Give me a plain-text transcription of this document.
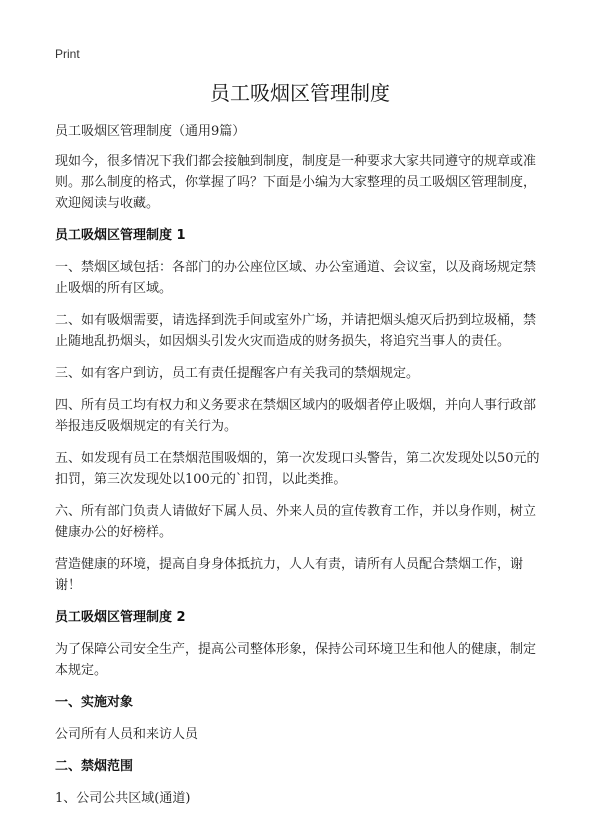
Print
员工吸烟区管理制度

员工吸烟区管理制度（通用9篇）

现如今，很多情况下我们都会接触到制度，制度是一种要求大家共同遵守的规章或准则。那么制度的格式，你掌握了吗？下面是小编为大家整理的员工吸烟区管理制度，欢迎阅读与收藏。

员工吸烟区管理制度 1

一、禁烟区域包括：各部门的办公座位区域、办公室通道、会议室，以及商场规定禁止吸烟的所有区域。

二、如有吸烟需要，请选择到洗手间或室外广场，并请把烟头熄灭后扔到垃圾桶，禁止随地乱扔烟头，如因烟头引发火灾而造成的财务损失，将追究当事人的责任。

三、如有客户到访，员工有责任提醒客户有关我司的禁烟规定。

四、所有员工均有权力和义务要求在禁烟区域内的吸烟者停止吸烟，并向人事行政部举报违反吸烟规定的有关行为。

五、如发现有员工在禁烟范围吸烟的，第一次发现口头警告，第二次发现处以50元的扣罚，第三次发现处以100元的`扣罚，以此类推。

六、所有部门负责人请做好下属人员、外来人员的宣传教育工作，并以身作则，树立健康办公的好榜样。

营造健康的环境，提高自身身体抵抗力，人人有责，请所有人员配合禁烟工作，谢谢！

员工吸烟区管理制度 2

为了保障公司安全生产，提高公司整体形象，保持公司环境卫生和他人的健康，制定本规定。

一、实施对象

公司所有人员和来访人员

二、禁烟范围

1、公司公共区域(通道)
